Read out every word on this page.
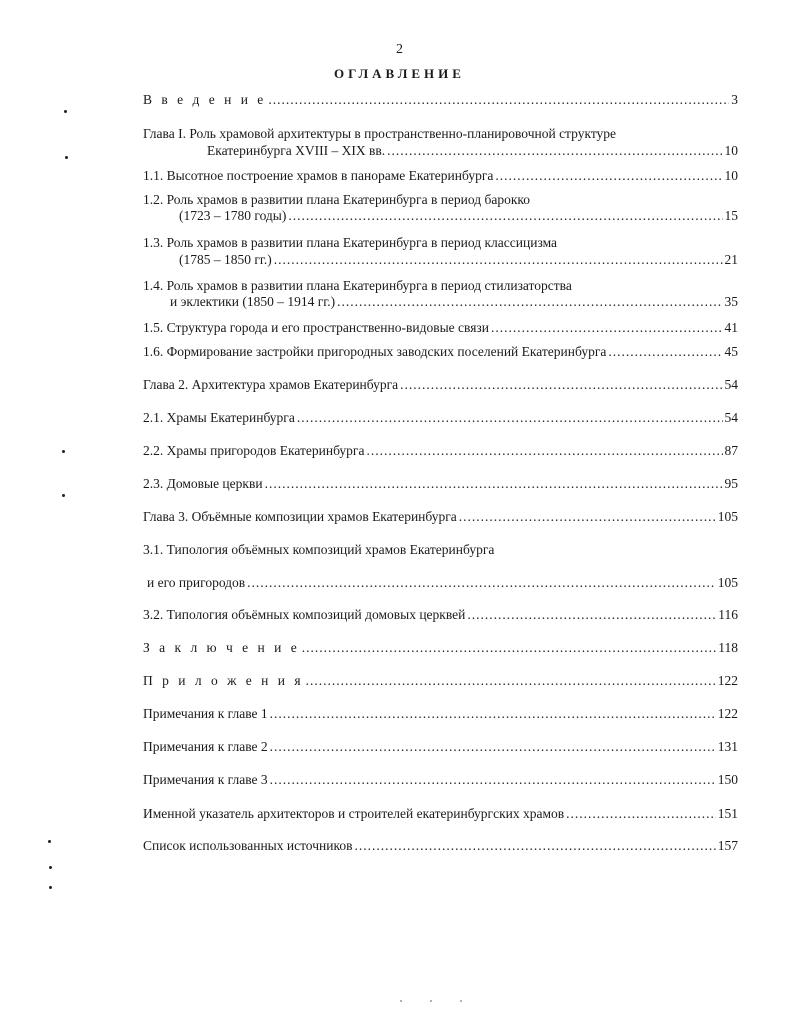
2
ОГЛАВЛЕНИЕ
В в е д е н и е .....	3
Глава I. Роль храмовой архитектуры в пространственно-планировочной структуре
Екатеринбурга XVIII – XIX вв. .....	10
1.1. Высотное построение храмов в панораме Екатеринбурга .....	10
1.2. Роль храмов в развитии плана Екатеринбурга в период барокко
(1723 – 1780 годы) .....	15
1.3. Роль храмов в развитии плана Екатеринбурга в период классицизма
(1785 – 1850 гг.) .....	21
1.4. Роль храмов в развитии плана Екатеринбурга в период стилизаторства
и эклектики (1850 – 1914 гг.) .....	35
1.5. Структура города и его пространственно-видовые связи .....	41
1.6. Формирование застройки пригородных заводских поселений Екатеринбурга .....	45
Глава 2. Архитектура храмов Екатеринбурга .....	54
2.1. Храмы Екатеринбурга .....	54
2.2. Храмы пригородов Екатеринбурга .....	87
2.3. Домовые церкви .....	95
Глава 3. Объёмные композиции храмов Екатеринбурга .....	105
3.1. Типология объёмных композиций храмов Екатеринбурга
и его пригородов .....	105
3.2. Типология объёмных композиций домовых церквей .....	116
З а к л ю ч е н и е .....	118
П р и л о ж е н и я .....	122
Примечания к главе 1 .....	122
Примечания к главе 2 .....	131
Примечания к главе 3 .....	150
Именной указатель архитекторов и строителей екатеринбургских храмов .....	151
Список использованных источников .....	157
